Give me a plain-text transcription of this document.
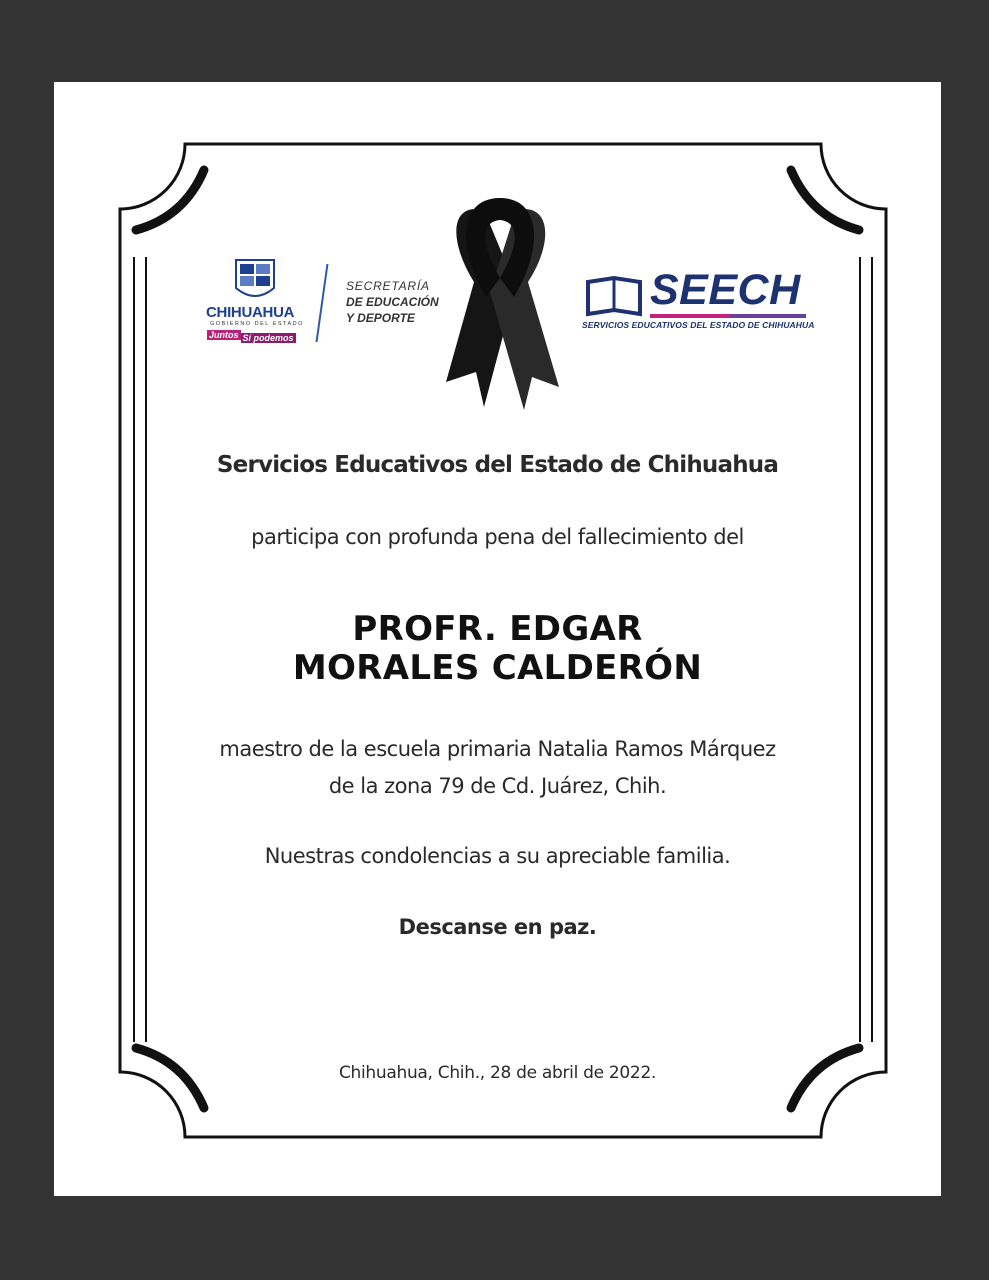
CHIHUAHUA
GOBIERNO DEL ESTADO
Juntos Sí podemos
SECRETARÍA
DE EDUCACIÓN
Y DEPORTE
SEECH
SERVICIOS EDUCATIVOS DEL ESTADO DE CHIHUAHUA
Servicios Educativos del Estado de Chihuahua
participa con profunda pena del fallecimiento del
PROFR. EDGAR
MORALES CALDERÓN
maestro de la escuela primaria Natalia Ramos Márquez
de la zona 79 de Cd. Juárez, Chih.
Nuestras condolencias a su apreciable familia.
Descanse en paz.
Chihuahua, Chih., 28 de abril de 2022.
